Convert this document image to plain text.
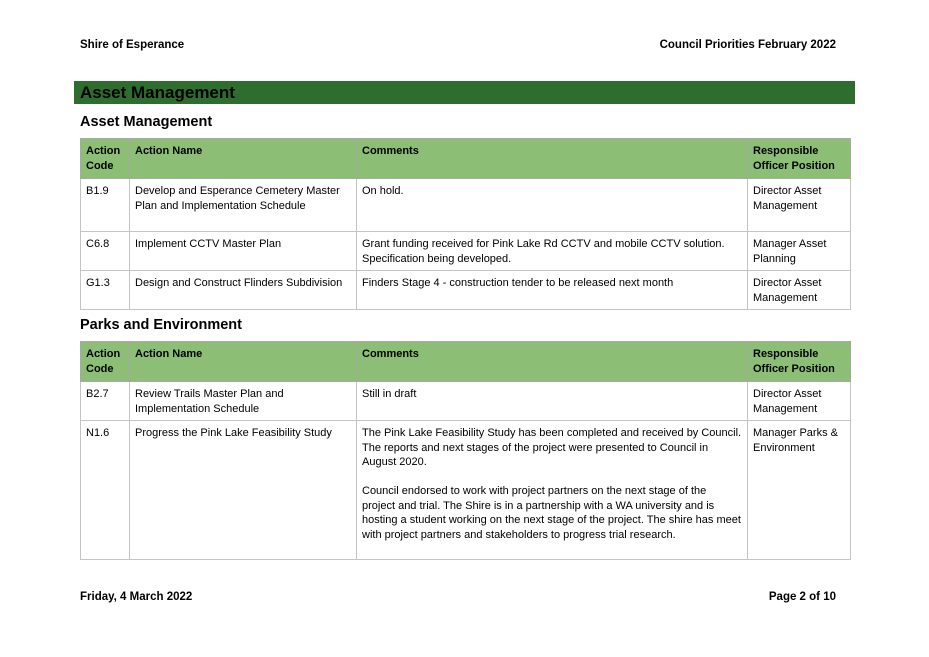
Shire of Esperance	Council Priorities February 2022
Asset Management
Asset Management
Action Code	Action Name	Comments	Responsible Officer Position
B1.9	Develop and Esperance Cemetery Master Plan and Implementation Schedule	On hold.	Director Asset Management
C6.8	Implement CCTV Master Plan	Grant funding received for Pink Lake Rd CCTV and mobile CCTV solution. Specification being developed.	Manager Asset Planning
G1.3	Design and Construct Flinders Subdivision	Finders Stage 4 - construction tender to be released next month	Director Asset Management
Parks and Environment
Action Code	Action Name	Comments	Responsible Officer Position
B2.7	Review Trails Master Plan and Implementation Schedule	Still in draft	Director Asset Management
N1.6	Progress the Pink Lake Feasibility Study	The Pink Lake Feasibility Study has been completed and received by Council. The reports and next stages of the project were presented to Council in August 2020.
Council endorsed to work with project partners on the next stage of the project and trial. The Shire is in a partnership with a WA university and is hosting a student working on the next stage of the project. The shire has meet with project partners and stakeholders to progress trial research.	Manager Parks & Environment
Friday, 4 March 2022	Page 2 of 10
